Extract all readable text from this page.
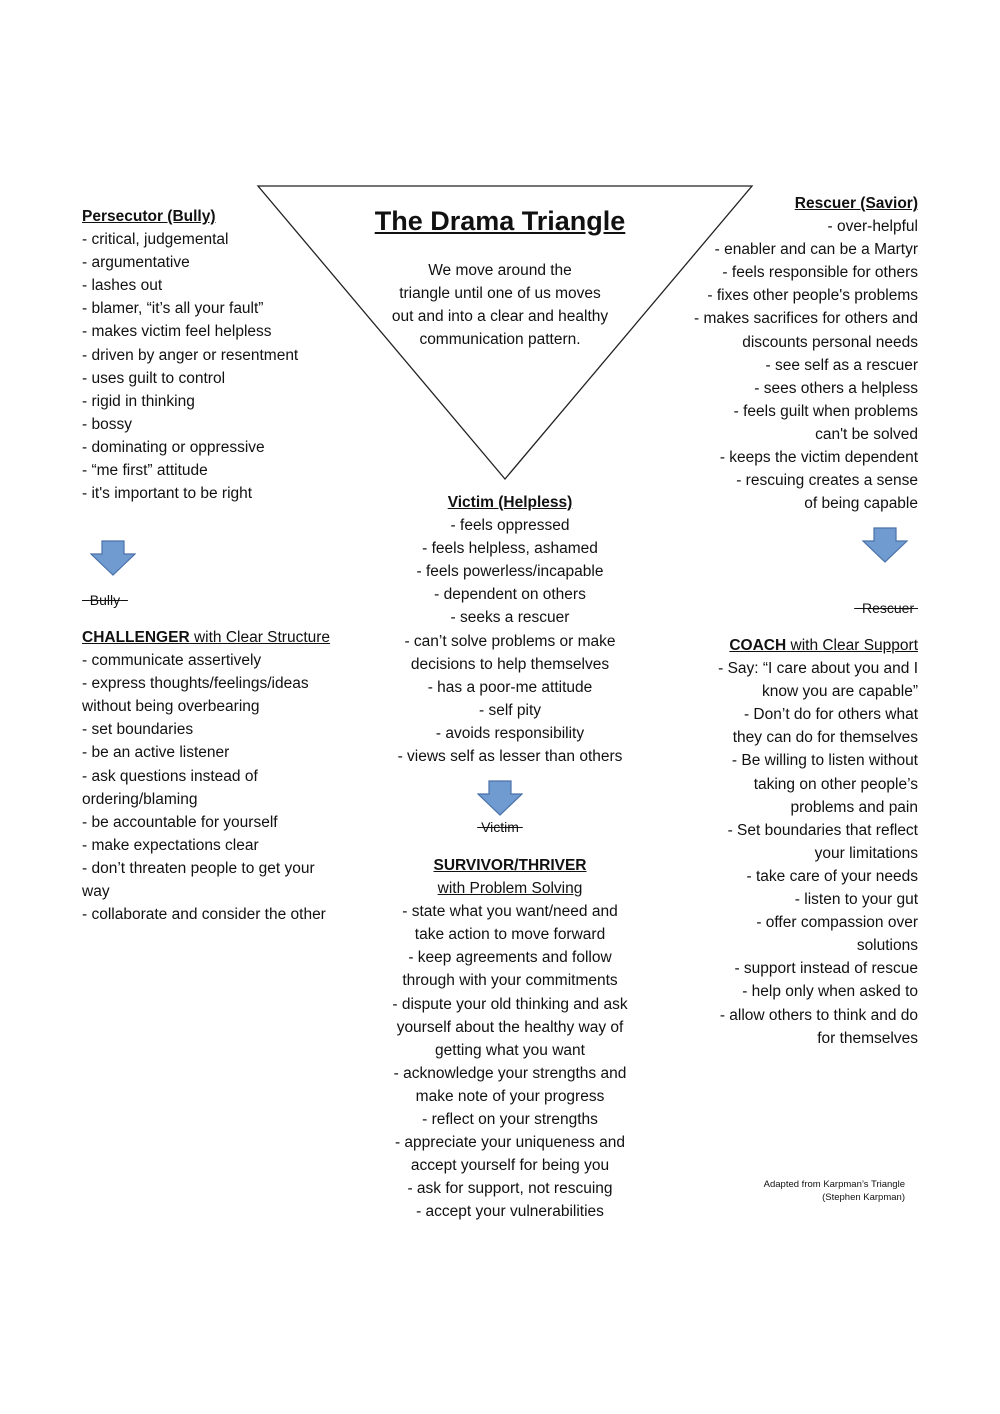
The Drama Triangle
We move around the
triangle until one of us moves
out and into a clear and healthy
communication pattern.
Persecutor (Bully)
- critical, judgemental
- argumentative
- lashes out
- blamer, “it’s all your fault”
- makes victim feel helpless
- driven by anger or resentment
- uses guilt to control
- rigid in thinking
- bossy
- dominating or oppressive
- “me first” attitude
- it's important to be right
Rescuer (Savior)
- over-helpful
- enabler and can be a Martyr
- feels responsible for others
- fixes other people's problems
- makes sacrifices for others and
discounts personal needs
- see self as a rescuer
- sees others a helpless
- feels guilt when problems
can't be solved
- keeps the victim dependent
- rescuing creates a sense
of being capable
Victim (Helpless)
- feels oppressed
- feels helpless, ashamed
- feels powerless/incapable
- dependent on others
- seeks a rescuer
- can’t solve problems or make
decisions to help themselves
- has a poor-me attitude
- self pity
- avoids responsibility
- views self as lesser than others
Bully	Rescuer
Victim
CHALLENGER with Clear Structure
- communicate assertively
- express thoughts/feelings/ideas
without being overbearing
- set boundaries
- be an active listener
- ask questions instead of
ordering/blaming
- be accountable for yourself
- make expectations clear
- don’t threaten people to get your
way
- collaborate and consider the other
COACH with Clear Support
- Say: “I care about you and I
know you are capable”
- Don’t do for others what
they can do for themselves
- Be willing to listen without
taking on other people’s
problems and pain
- Set boundaries that reflect
your limitations
- take care of your needs
- listen to your gut
- offer compassion over
solutions
- support instead of rescue
- help only when asked to
- allow others to think and do
for themselves
SURVIVOR/THRIVER
with Problem Solving
- state what you want/need and
take action to move forward
- keep agreements and follow
through with your commitments
- dispute your old thinking and ask
yourself about the healthy way of
getting what you want
- acknowledge your strengths and
make note of your progress
- reflect on your strengths
- appreciate your uniqueness and
accept yourself for being you
- ask for support, not rescuing
- accept your vulnerabilities
Adapted from Karpman’s Triangle
(Stephen Karpman)
